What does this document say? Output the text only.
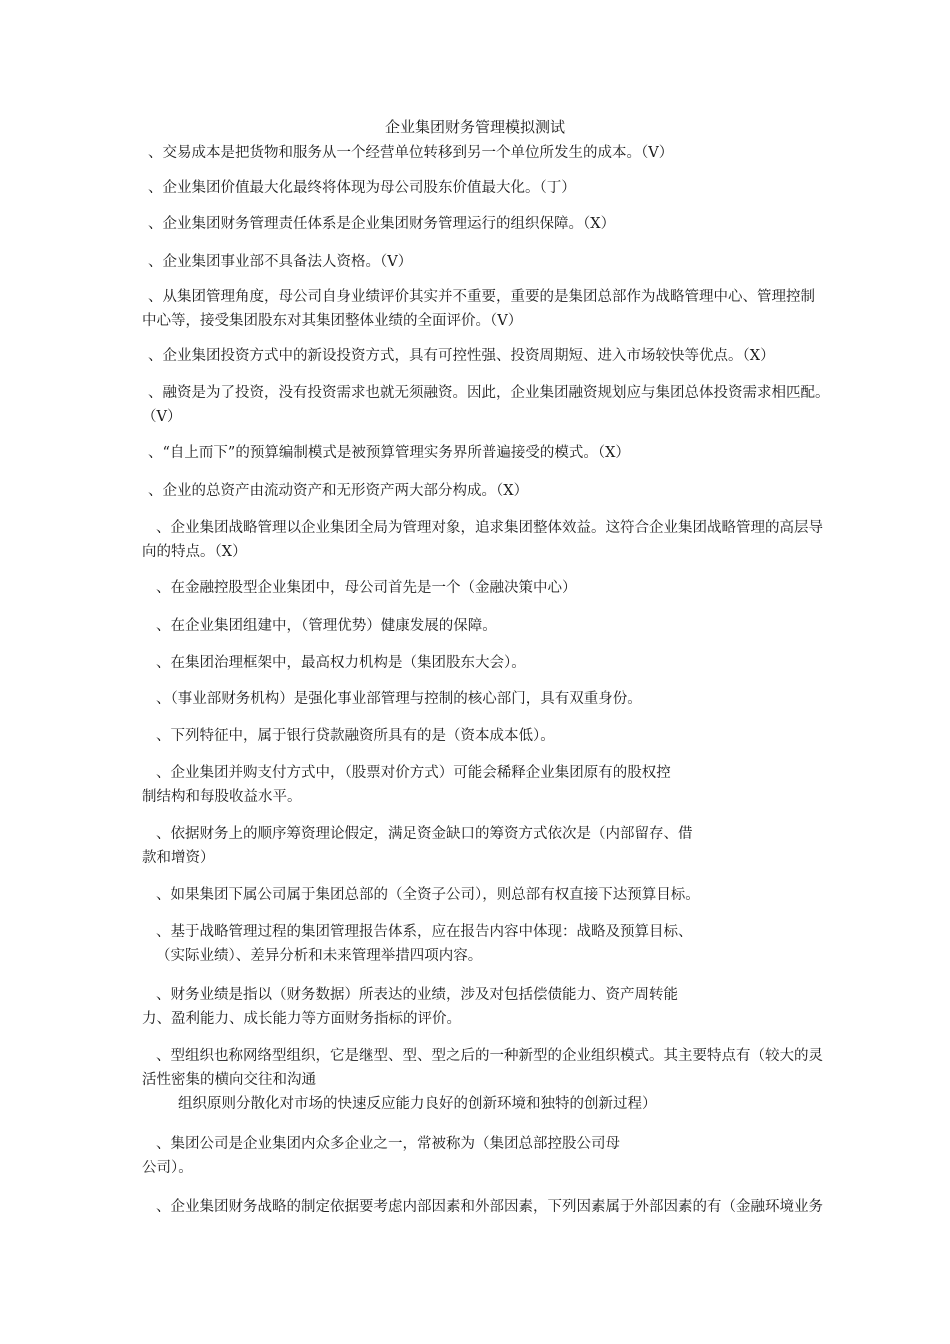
企业集团财务管理模拟测试
、交易成本是把货物和服务从一个经营单位转移到另一个单位所发生的成本。（V）
、企业集团价值最大化最终将体现为母公司股东价值最大化。（丁）
、企业集团财务管理责任体系是企业集团财务管理运行的组织保障。（X）
、企业集团事业部不具备法人资格。（V）
、从集团管理角度，母公司自身业绩评价其实并不重要，重要的是集团总部作为战略管理中心、管理控制
中心等，接受集团股东对其集团整体业绩的全面评价。（V）
、企业集团投资方式中的新设投资方式，具有可控性强、投资周期短、进入市场较快等优点。（X）
、融资是为了投资，没有投资需求也就无须融资。因此，企业集团融资规划应与集团总体投资需求相匹配。
（V）
、“自上而下”的预算编制模式是被预算管理实务界所普遍接受的模式。（X）
、企业的总资产由流动资产和无形资产两大部分构成。（X）
、企业集团战略管理以企业集团全局为管理对象，追求集团整体效益。这符合企业集团战略管理的高层导
向的特点。（X）
、在金融控股型企业集团中，母公司首先是一个（金融决策中心）
、在企业集团组建中，（管理优势）健康发展的保障。
、在集团治理框架中，最高权力机构是（集团股东大会）。
、（事业部财务机构）是强化事业部管理与控制的核心部门，具有双重身份。
、下列特征中，属于银行贷款融资所具有的是（资本成本低）。
、企业集团并购支付方式中，（股票对价方式）可能会稀释企业集团原有的股权控
制结构和每股收益水平。
、依据财务上的顺序筹资理论假定，满足资金缺口的筹资方式依次是（内部留存、借
款和增资）
、如果集团下属公司属于集团总部的（全资子公司），则总部有权直接下达预算目标。
、基于战略管理过程的集团管理报告体系，应在报告内容中体现：战略及预算目标、
（实际业绩）、差异分析和未来管理举措四项内容。
、财务业绩是指以（财务数据）所表达的业绩，涉及对包括偿债能力、资产周转能
力、盈利能力、成长能力等方面财务指标的评价。
、型组织也称网络型组织，它是继型、型、型之后的一种新型的企业组织模式。其主要特点有（较大的灵
活性密集的横向交往和沟通
组织原则分散化对市场的快速反应能力良好的创新环境和独特的创新过程）
、集团公司是企业集团内众多企业之一，常被称为（集团总部控股公司母
公司）。
、企业集团财务战略的制定依据要考虑内部因素和外部因素，下列因素属于外部因素的有（金融环境业务
